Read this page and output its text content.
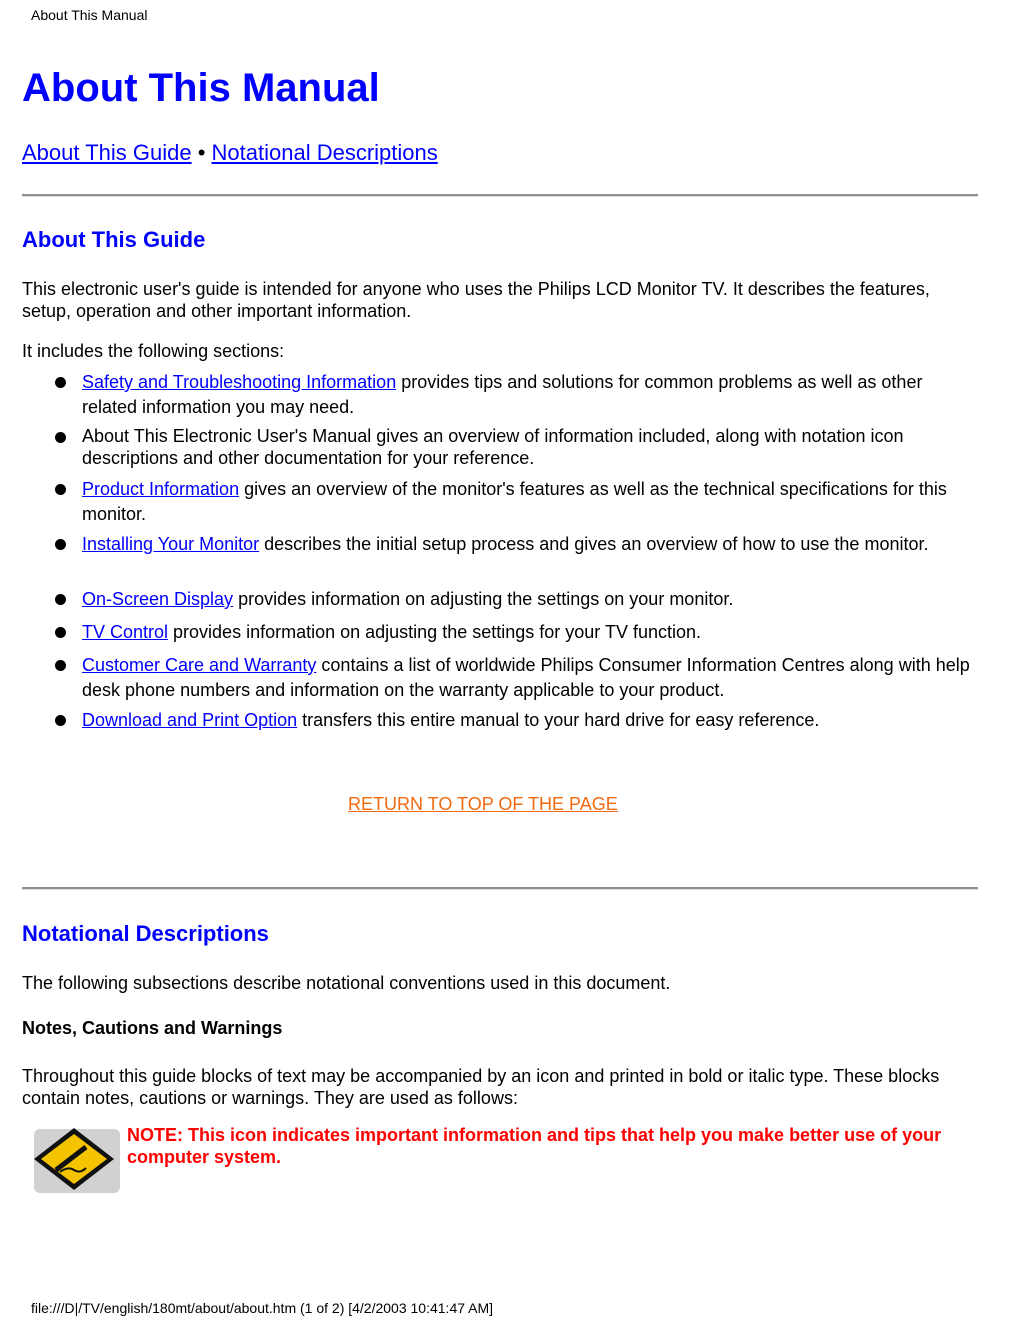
About This Manual
About This Manual
About This Guide • Notational Descriptions
About This Guide

This electronic user's guide is intended for anyone who uses the Philips LCD Monitor TV. It describes the features, setup, operation and other important information.

It includes the following sections:

Safety and Troubleshooting Information provides tips and solutions for common problems as well as other related information you may need.
About This Electronic User's Manual gives an overview of information included, along with notation icon descriptions and other documentation for your reference.
Product Information gives an overview of the monitor's features as well as the technical specifications for this monitor.
Installing Your Monitor describes the initial setup process and gives an overview of how to use the monitor.
On-Screen Display provides information on adjusting the settings on your monitor.
TV Control provides information on adjusting the settings for your TV function.
Customer Care and Warranty contains a list of worldwide Philips Consumer Information Centres along with help desk phone numbers and information on the warranty applicable to your product.
Download and Print Option transfers this entire manual to your hard drive for easy reference.
RETURN TO TOP OF THE PAGE
Notational Descriptions

The following subsections describe notational conventions used in this document.

Notes, Cautions and Warnings

Throughout this guide blocks of text may be accompanied by an icon and printed in bold or italic type. These blocks contain notes, cautions or warnings. They are used as follows:

NOTE: This icon indicates important information and tips that help you make better use of your computer system.

file:///D|/TV/english/180mt/about/about.htm (1 of 2) [4/2/2003 10:41:47 AM]
